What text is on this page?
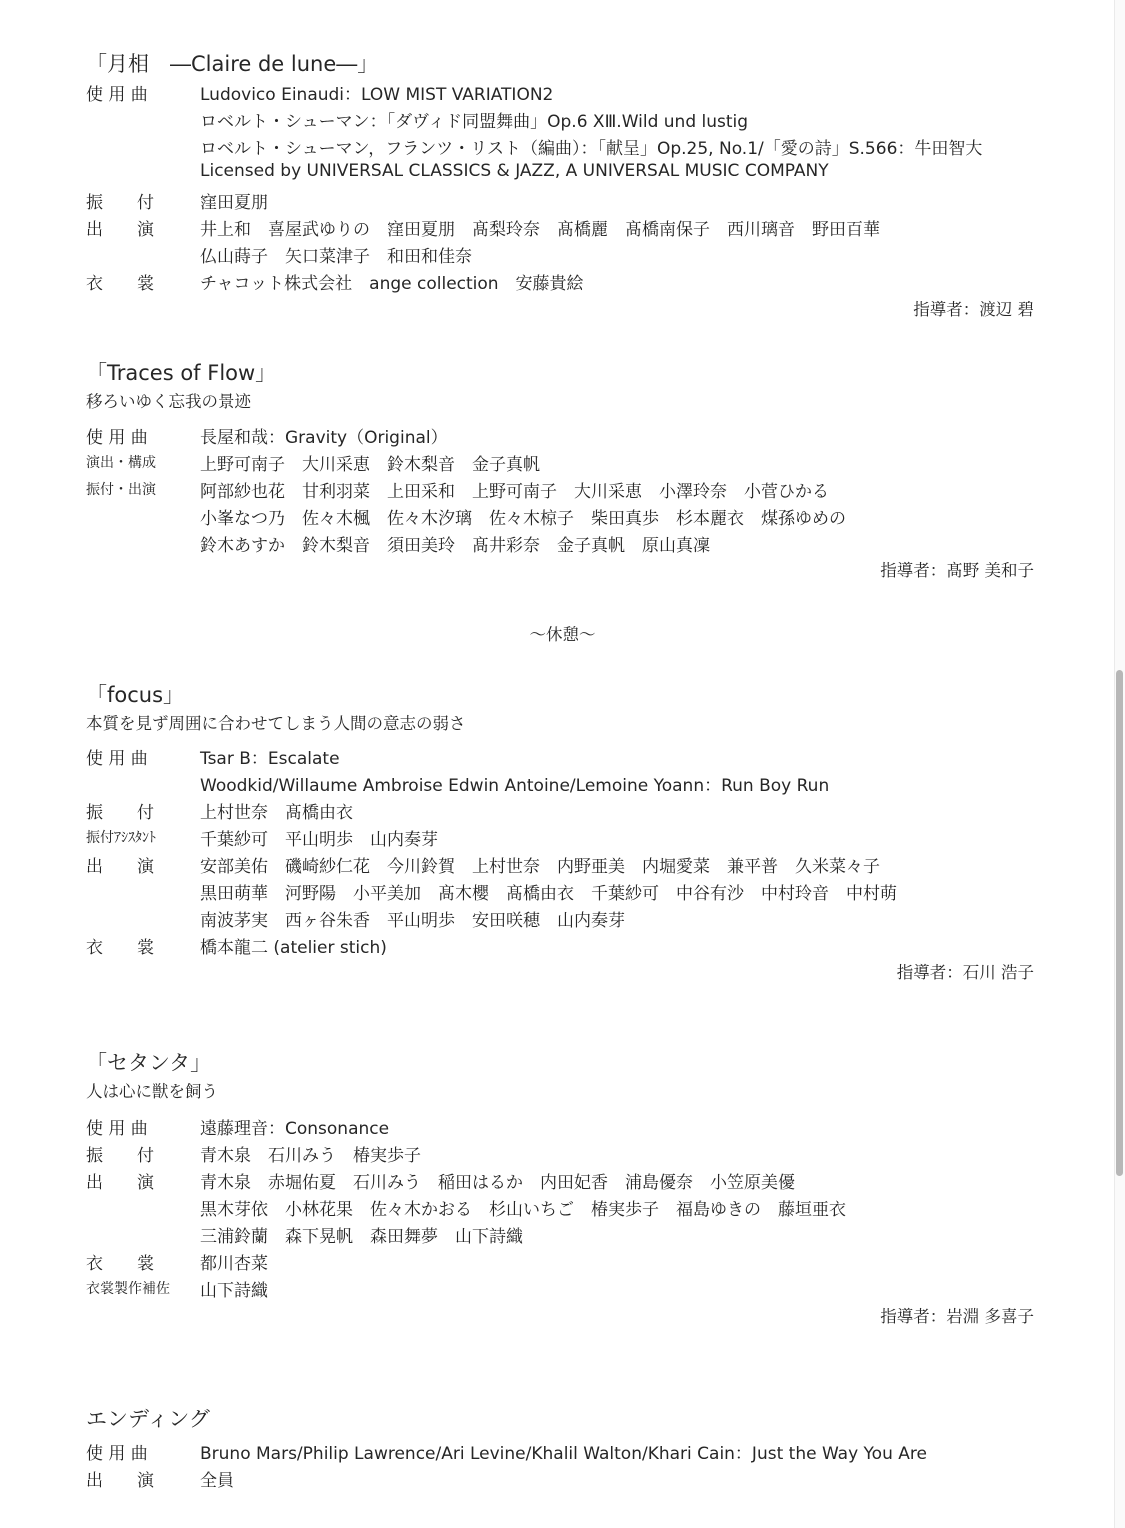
「月相　―Claire de lune―」
使 用 曲	Ludovico Einaudi：LOW MIST VARIATION2
ロベルト・シューマン：「ダヴィド同盟舞曲」Op.6 XⅢ.Wild und lustig
ロベルト・シューマン，フランツ・リスト（編曲）：「献呈」Op.25, No.1/「愛の詩」S.566：牛田智大
Licensed by UNIVERSAL CLASSICS & JAZZ, A UNIVERSAL MUSIC COMPANY
振　　付	窪田夏朋
出　　演	井上和　喜屋武ゆりの　窪田夏朋　髙梨玲奈　髙橋麗　髙橋南保子　西川璃音　野田百華
仏山蒔子　矢口菜津子　和田和佳奈
衣　　裳	チャコット株式会社　ange collection　安藤貴絵
指導者：渡辺 碧
「Traces of Flow」
移ろいゆく忘我の景迹
使 用 曲	長屋和哉：Gravity（Original）
演出・構成	上野可南子　大川采恵　鈴木梨音　金子真帆
振付・出演	阿部紗也花　甘利羽菜　上田采和　上野可南子　大川采恵　小澤玲奈　小菅ひかる
小峯なつ乃　佐々木楓　佐々木汐璃　佐々木椋子　柴田真歩　杉本麗衣　煤孫ゆめの
鈴木あすか　鈴木梨音　須田美玲　髙井彩奈　金子真帆　原山真凜
指導者：髙野 美和子
～休憩～
「focus」
本質を見ず周囲に合わせてしまう人間の意志の弱さ
使 用 曲	Tsar B：Escalate
Woodkid/Willaume Ambroise Edwin Antoine/Lemoine Yoann：Run Boy Run
振　　付	上村世奈　髙橋由衣
振付ｱｼｽﾀﾝﾄ	千葉紗可　平山明歩　山内奏芽
出　　演	安部美佑　磯崎紗仁花　今川鈴賀　上村世奈　内野亜美　内堀愛菜　兼平普　久米菜々子
黒田萌華　河野陽　小平美加　髙木櫻　髙橋由衣　千葉紗可　中谷有沙　中村玲音　中村萌
南波茅実　西ヶ谷朱香　平山明歩　安田咲穂　山内奏芽
衣　　裳	橋本龍二 (atelier stich)
指導者：石川 浩子
「セタンタ」
人は心に獣を飼う
使 用 曲	遠藤理音：Consonance
振　　付	青木泉　石川みう　椿実歩子
出　　演	青木泉　赤堀佑夏　石川みう　稲田はるか　内田妃香　浦島優奈　小笠原美優
黒木芽依　小林花果　佐々木かおる　杉山いちご　椿実歩子　福島ゆきの　藤垣亜衣
三浦鈴蘭　森下晃帆　森田舞夢　山下詩織
衣　　裳	都川杏菜
衣裳製作補佐 山下詩織
指導者：岩淵 多喜子
エンディング
使 用 曲	Bruno Mars/Philip Lawrence/Ari Levine/Khalil Walton/Khari Cain：Just the Way You Are
出　　演	全員
